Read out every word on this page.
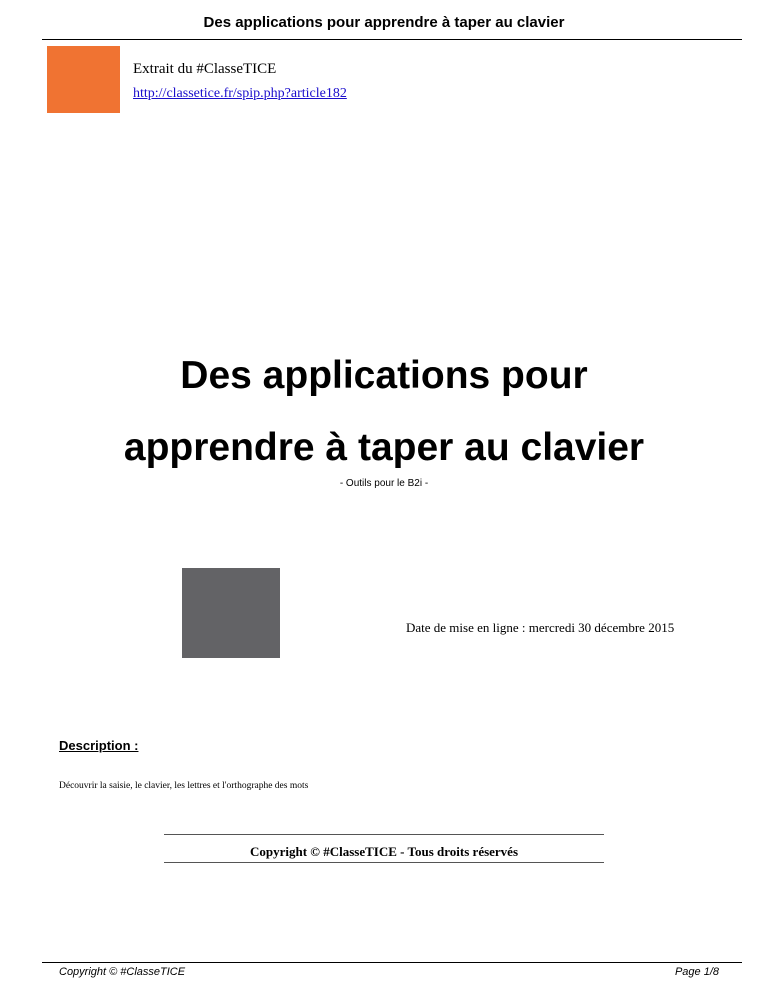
Des applications pour apprendre à taper au clavier
Extrait du #ClasseTICE
http://classetice.fr/spip.php?article182
Des applications pour
apprendre à taper au clavier
- Outils pour le B2i -
Date de mise en ligne : mercredi 30 décembre 2015
Description :
Découvrir la saisie, le clavier, les lettres et l'orthographe des mots
Copyright © #ClasseTICE - Tous droits réservés
Copyright © #ClasseTICE	Page 1/8
